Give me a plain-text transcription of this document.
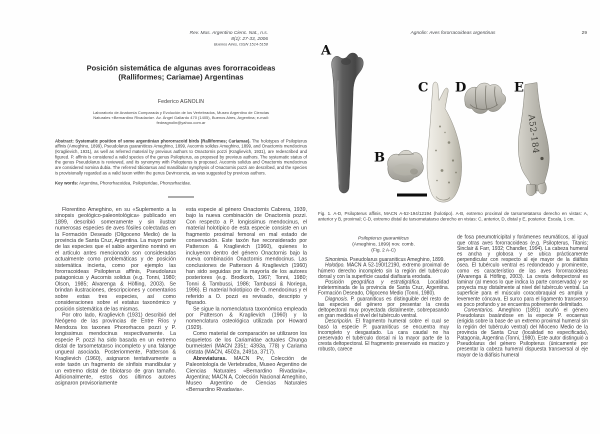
Rev. Mus. Argentino Cienc. Nat., n.s.
8(1): 27-33, 2006
Buenos Aires, ISSN 1514-5158
Posición sistemática de algunas aves fororracoideas
(Ralliformes; Cariamae) Argentinas
Federico AGNOLIN
Laboratorio de Anatomía Comparada y Evolución de los Vertebrados, Museo Argentino de Ciencias
Naturales «Bernardino Rivadavia». Av. Ángel Gallardo 470 (1405), Buenos Aires, Argentina; e-mail:
fedeagnolin@yahoo.com.ar

Abstract: Systematic position of some argentinian phororracoid birds (Ralliformes; Cariamae). The holotypes of Psilopterus affinis (Ameghino, 1899), Pseudolarus guaraniticus Ameghino, 1899, Aucornis solidus Ameghino, 1899, and Onactornis mendocinus (Kraglievich, 1931), as well as referred material by previous authors to Onactornis pozzi (Kraglievich, 1931), are redescribed and figured. P. affinis is considered a valid species of the genus Psilopterus, as proposed by previous authors. The systematic status of the genus Pseudolarus is reviewed, and its synonymy with Psilopterus is proposed. Aucornis solidus and Onactornis mendocinus are considered nomina dubia. The referred tibiotarsus and mandibular symphysis of Onactornis pozzi are described, and the species is provisionally regarded as a valid taxon within the genus Devincenzia, as was suggested by previous authors.

Key words: Argentina, Phororhacoidea, Psilopteridae, Phorusrhacidae.

Florentino Ameghino, en su «Suplemento a la sinopsis geológico-paleontológica» publicado en 1899, describió someramente y sin ilustrar numerosas especies de aves fósiles colectadas en la Formación Deseado (Oligoceno Medio) de la provincia de Santa Cruz, Argentina. La mayor parte de las especies que el sabio argentino nominó en el artículo antes mencionado son consideradas actualmente como problemáticas y de posición sistemática incierta, como por ejemplo las fororracoideas Psilopterus affinis, Pseudolarus patagonicus y Aucornis solidus (e.g. Tonni, 1980; Olson, 1985; Alvarenga & Höfling, 2003). Se brindan ilustraciones, descripciones y comentarios sobre estas tres especies, así como consideraciones sobre el estatus taxonómico y posición sistemática de las mismas.

Por otro lado, Kraglievich (1931) describió del Neógeno de las provincias de Entre Ríos y Mendoza los taxones Phororhacos pozzi y P. longissimus mendocinus respectivamente. La especie P. pozzi ha sido basada en un extremo distal de tarsometatarso incompleto y una falange ungueal asociada. Posteriormente, Patterson & Kraglievich (1960), asignaron tentativamente a este taxón un fragmento de sínfisis mandibular y un extremo distal de tibiotarso de gran tamaño. Adicionalmente, estos dos últimos autores asignaron provisoriamente

esta especie al género Onactornis Cabrera, 1939, bajo la nueva combinación de Onactornis pozzi. Con respecto a P. longissimus mendocinus, el material holotípico de esta especie consiste en un fragmento proximal femoral en mal estado de conservación. Este taxón fue reconsiderado por Patterson & Kraglievich (1960), quienes lo incluyeron dentro del género Onactornis bajo la nueva combinación Onactornis mendocinus. Las conclusiones de Patterson & Kraglievich (1960) han sido seguidas por la mayoría de los autores posteriores (e.g. Brodkorb, 1967; Tonni, 1980; Tonni & Tambussi, 1986; Tambussi & Noriega, 1996). El material holotípico de O. mendocinus y el referido a O. pozzi es revisado, descripto y figurado.

Se sigue la nomenclatura taxonómica empleada por Patterson & Kraglievich (1960) y la nomenclatura osteológica utilizada por Howard (1929).

Como material de comparación se utilizaron los esqueletos de los Cariamidae actuales Chunga burmeisteri (MACN 2351; 4393a, 778) y Cariama cristata (MACN, 4502a, 2491a, 3717).

Abreviaturas. MACN Pv, Colección de Paleontología de Vertebrados, Museo Argentino de Ciencias Naturales «Bernardino Rivadavia», Argentina; MACN A, Colección Nacional Ameghino, Museo Argentino de Ciencias Naturales «Bernardino Rivadavia».

Agnolin: Aves fororracoideas argentinas	29
A
B
C D	E
A52-184

Fig. 1. A-D, Psilopterus affinis, MACN A-52-194/12194 (holotipo). A-B, extremo proximal de tarsometatarso derecho en vistas: A, anterior y B, proximal; C-D, extremo distal de tarsometatarso derecho en vistas: C, anterior, D, distal y E, posterior. Escala, 1 cm.

Psilopterus guaraniticus
(Ameghino, 1899) nov. comb.
(Fig. 2 A-C)

Sinonimia. Pseudolarus guaraniticus Ameghino, 1899.

Holotipo. MACN A 52-190/12190, extremo proximal de húmero derecho incompleto sin la región del tubérculo dorsal y con la superficie caudal diafisaria erodada.

Posición geográfica y estratigráfica. Localidad indeterminada de la provincia de Santa Cruz, Argentina. Formación Deseado, Oligoceno Medio (Tonni, 1980).

Diagnosis. P. guaraniticus es distinguible del resto de las especies del género por presentar la cresta deltopectoral muy proyectada distalmente, sobrepasando en gran medida el nivel del tubérculo ventral.

Descripción. El fragmento humeral sobre el cual se basó la especie P. guaraniticus se encuentra muy incompleto y desgastado. La cara caudal no ha preservado el tubérculo dorsal ni la mayor parte de la cresta deltopectoral. El fragmento preservado es macizo y robusto, carece

de fosa pneumotricipital y forámenes neumáticos, al igual que otras aves fororracoideas (e.g. Psilopterus, Titanis; Sinclair & Farr, 1932; Chandler, 1994). La cabeza humeral es ancha y globosa y se ubica prácticamente perpendicular con respecto al eje mayor de la diáfisis ósea. El tubérculo ventral es redondeado y prominente, como es característico de las aves fororracoideas (Alvarenga & Höfling, 2003). La cresta deltopectoral es laminar (al menos lo que indica la parte conservada) y se proyecta muy distalmente al nivel del tubérculo ventral. La superficie para el músculo coracobraquial es amplia y levemente cóncava. El surco para el ligamento transverso es poco profundo y se encuentra pobremente delimitado.

Comentarios. Ameghino (1891) acuñó el género Pseudolarus basándose en la especie P. eocaenus (erigida sobre la base de un extremo proximal humeral sin la región del tubérculo ventral) del Mioceno Medio de la provincia de Santa Cruz (localidad no especificada), Patagonia, Argentina (Tonni, 1980). Este autor distinguió a Pseudolarus del género Psilopterus (únicamente por presentar la cabeza humeral dispuesta transversal al eje mayor de la diáfisis humeral
